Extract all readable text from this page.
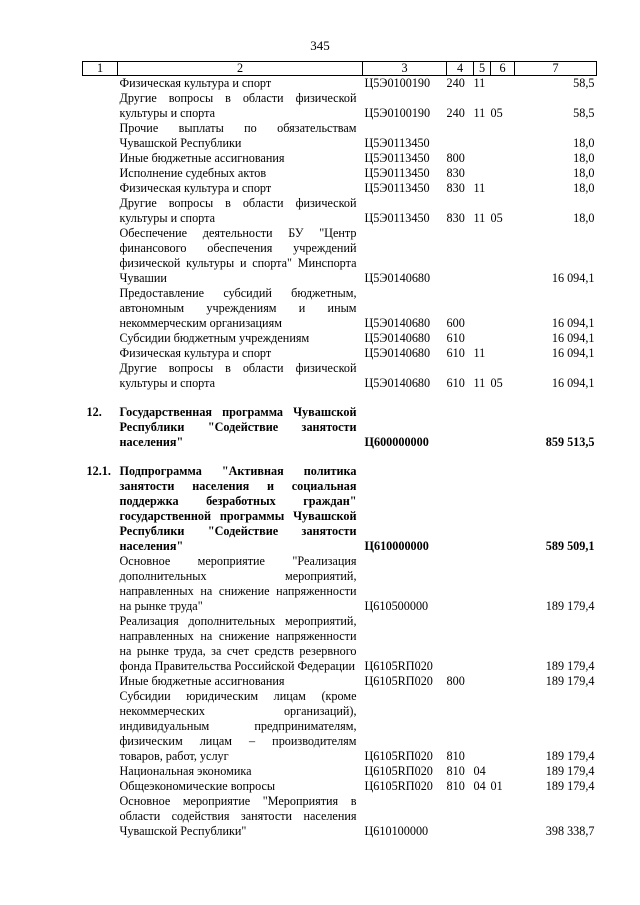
345
1	2	3	4	5	6	7
	Физическая культура и спорт	Ц5Э0100190	240	11		58,5
	Другие вопросы в области физической культуры и спорта	Ц5Э0100190	240	11	05	58,5
	Прочие выплаты по обязательствам Чувашской Республики	Ц5Э0113450				18,0
	Иные бюджетные ассигнования	Ц5Э0113450	800			18,0
	Исполнение судебных актов	Ц5Э0113450	830			18,0
	Физическая культура и спорт	Ц5Э0113450	830	11		18,0
	Другие вопросы в области физической культуры и спорта	Ц5Э0113450	830	11	05	18,0
	Обеспечение деятельности БУ "Центр финансового обеспечения учреждений физической культуры и спорта" Минспорта Чувашии	Ц5Э0140680				16 094,1
	Предоставление субсидий бюджетным, автономным учреждениям и иным некоммерческим организациям	Ц5Э0140680	600			16 094,1
	Субсидии бюджетным учреждениям	Ц5Э0140680	610			16 094,1
	Физическая культура и спорт	Ц5Э0140680	610	11		16 094,1
	Другие вопросы в области физической культуры и спорта	Ц5Э0140680	610	11	05	16 094,1

12.	Государственная программа Чувашской Республики "Содействие занятости населения"	Ц600000000				859 513,5

12.1.	Подпрограмма "Активная политика занятости населения и социальная поддержка безработных граждан" государственной программы Чувашской Республики "Содействие занятости населения"	Ц610000000				589 509,1
	Основное мероприятие "Реализация дополнительных мероприятий, направленных на снижение напряженности на рынке труда"	Ц610500000				189 179,4
	Реализация дополнительных мероприятий, направленных на снижение напряженности на рынке труда, за счет средств резервного фонда Правительства Российской Федерации	Ц6105RП020				189 179,4
	Иные бюджетные ассигнования	Ц6105RП020	800			189 179,4
	Субсидии юридическим лицам (кроме некоммерческих организаций), индивидуальным предпринимателям, физическим лицам – производителям товаров, работ, услуг	Ц6105RП020	810			189 179,4
	Национальная экономика	Ц6105RП020	810	04		189 179,4
	Общеэкономические вопросы	Ц6105RП020	810	04	01	189 179,4
	Основное мероприятие "Мероприятия в области содействия занятости населения Чувашской Республики"	Ц610100000				398 338,7
